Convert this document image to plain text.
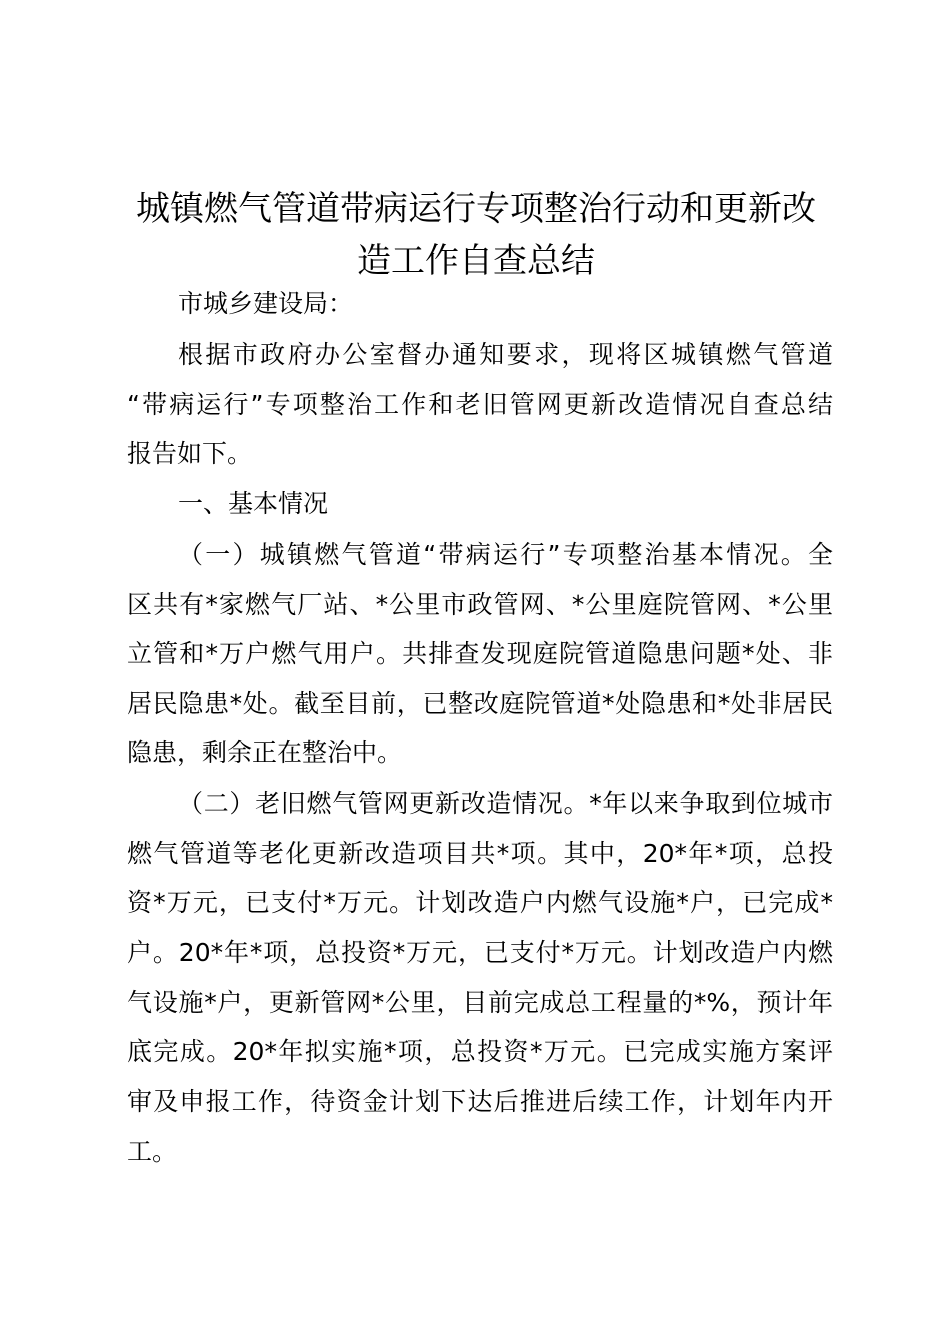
城镇燃气管道带病运行专项整治行动和更新改
造工作自查总结

市城乡建设局：

根据市政府办公室督办通知要求，现将区城镇燃气管道

“带病运行”专项整治工作和老旧管网更新改造情况自查总结

报告如下。

一、基本情况

（一）城镇燃气管道“带病运行”专项整治基本情况。全

区共有*家燃气厂站、*公里市政管网、*公里庭院管网、*公里

立管和*万户燃气用户。共排查发现庭院管道隐患问题*处、非

居民隐患*处。截至目前，已整改庭院管道*处隐患和*处非居民

隐患，剩余正在整治中。

（二）老旧燃气管网更新改造情况。*年以来争取到位城市

燃气管道等老化更新改造项目共*项。其中，20*年*项，总投

资*万元，已支付*万元。计划改造户内燃气设施*户，已完成*

户。20*年*项，总投资*万元，已支付*万元。计划改造户内燃

气设施*户，更新管网*公里，目前完成总工程量的*%，预计年

底完成。20*年拟实施*项，总投资*万元。已完成实施方案评

审及申报工作，待资金计划下达后推进后续工作，计划年内开

工。
